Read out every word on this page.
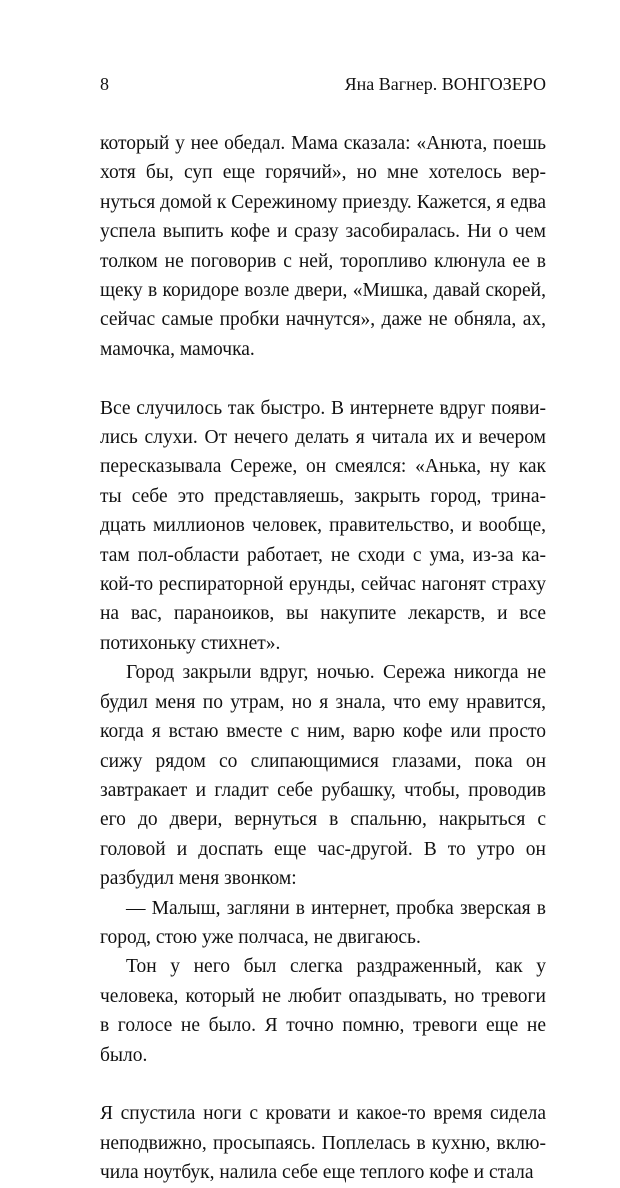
8	Яна Вагнер. ВОНГОЗЕРО

который у нее обедал. Мама сказала: «Анюта, поешь хотя бы, суп еще горячий», но мне хотелось вернуться домой к Сережиному приезду. Кажется, я едва успела выпить кофе и сразу засобиралась. Ни о чем толком не поговорив с ней, торопливо клюнула ее в щеку в коридоре возле двери, «Мишка, давай скорей, сейчас самые пробки начнутся», даже не обняла, ах, мамочка, мамочка.

Все случилось так быстро. В интернете вдруг появились слухи. От нечего делать я читала их и вечером пересказывала Сереже, он смеялся: «Анька, ну как ты себе это представляешь, закрыть город, тринадцать миллионов человек, правительство, и вообще, там пол-области работает, не сходи с ума, из-за какой-то респираторной ерунды, сейчас нагонят страху на вас, параноиков, вы накупите лекарств, и все потихоньку стихнет».

Город закрыли вдруг, ночью. Сережа никогда не будил меня по утрам, но я знала, что ему нравится, когда я встаю вместе с ним, варю кофе или просто сижу рядом со слипающимися глазами, пока он завтракает и гладит себе рубашку, чтобы, проводив его до двери, вернуться в спальню, накрыться с головой и доспать еще час-другой. В то утро он разбудил меня звонком:

— Малыш, загляни в интернет, пробка зверская в город, стою уже полчаса, не двигаюсь.

Тон у него был слегка раздраженный, как у человека, который не любит опаздывать, но тревоги в голосе не было. Я точно помню, тревоги еще не было.

Я спустила ноги с кровати и какое-то время сидела неподвижно, просыпаясь. Поплелась в кухню, включила ноутбук, налила себе еще теплого кофе и стала
